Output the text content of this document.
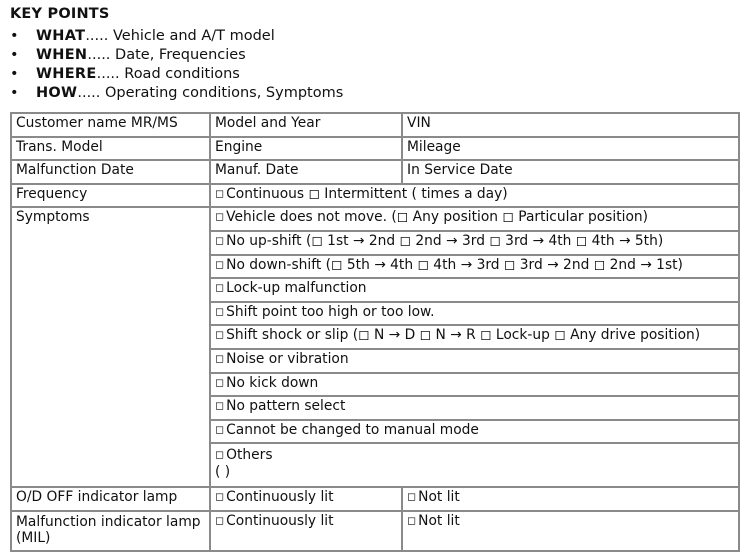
KEY POINTS
• WHAT..... Vehicle and A/T model
• WHEN..... Date, Frequencies
• WHERE..... Road conditions
• HOW..... Operating conditions, Symptoms
Customer name MR/MS	Model and Year	VIN
Trans. Model	Engine	Mileage
Malfunction Date	Manuf. Date	In Service Date
Frequency	◻ Continuous ◻ Intermittent ( times a day)	
Symptoms	◻ Vehicle does not move. (◻ Any position ◻ Particular position)	
	◻ No up-shift (◻ 1st → 2nd ◻ 2nd → 3rd ◻ 3rd → 4th ◻ 4th → 5th)	
	◻ No down-shift (◻ 5th → 4th ◻ 4th → 3rd ◻ 3rd → 2nd ◻ 2nd → 1st)	
	◻ Lock-up malfunction	
	◻ Shift point too high or too low.	
	◻ Shift shock or slip (◻ N → D ◻ N → R ◻ Lock-up ◻ Any drive position)	
	◻ Noise or vibration	
	◻ No kick down	
	◻ No pattern select	
	◻ Cannot be changed to manual mode	
	◻ Others
( )	
O/D OFF indicator lamp	◻ Continuously lit	◻ Not lit
Malfunction indicator lamp (MIL)	◻ Continuously lit	◻ Not lit
